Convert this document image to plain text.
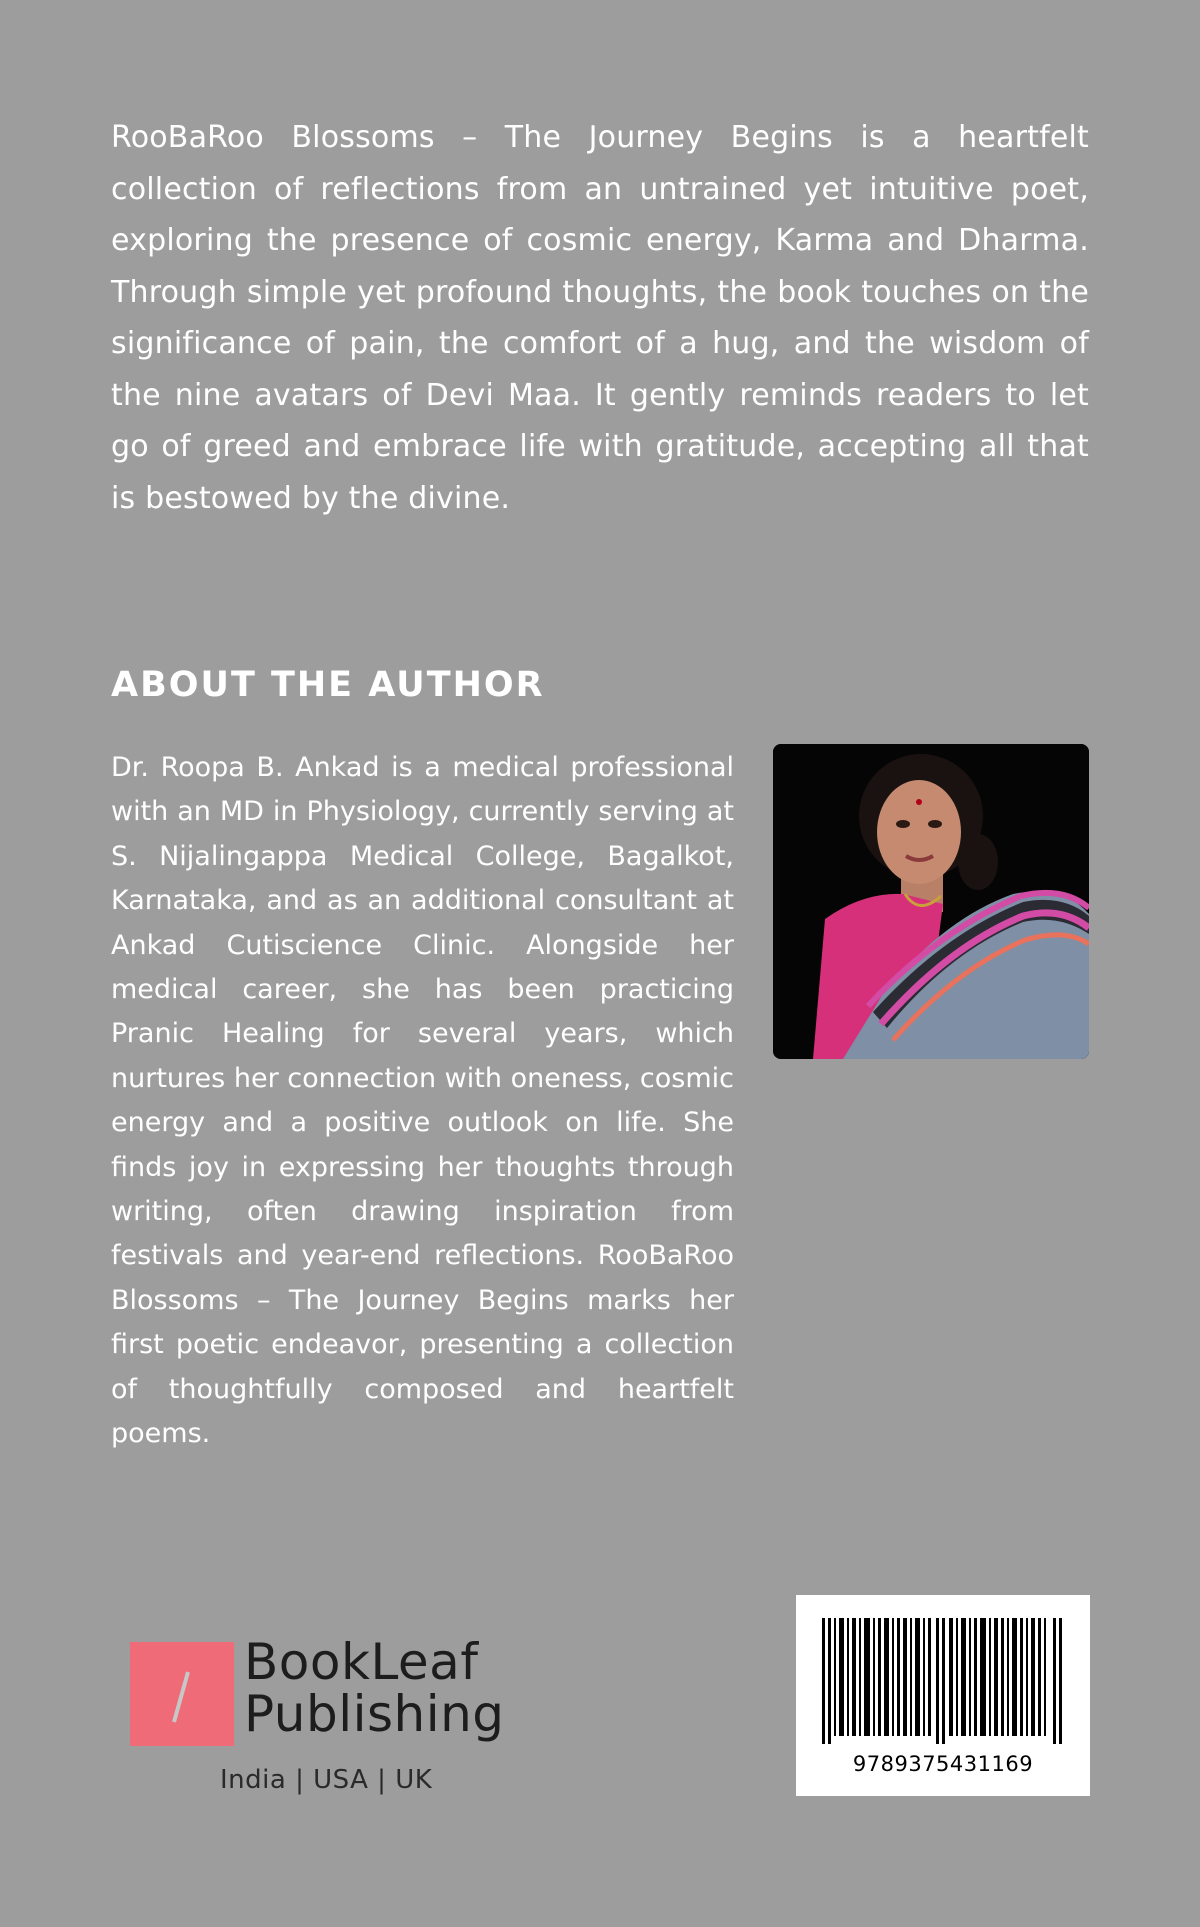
RooBaRoo Blossoms – The Journey Begins is a heartfelt collection of reflections from an untrained yet intuitive poet, exploring the presence of cosmic energy, Karma and Dharma. Through simple yet profound thoughts, the book touches on the significance of pain, the comfort of a hug, and the wisdom of the nine avatars of Devi Maa. It gently reminds readers to let go of greed and embrace life with gratitude, accepting all that is bestowed by the divine.

ABOUT THE AUTHOR

Dr. Roopa B. Ankad is a medical professional with an MD in Physiology, currently serving at S. Nijalingappa Medical College, Bagalkot, Karnataka, and as an additional consultant at Ankad Cutiscience Clinic. Alongside her medical career, she has been practicing Pranic Healing for several years, which nurtures her connection with oneness, cosmic energy and a positive outlook on life. She finds joy in expressing her thoughts through writing, often drawing inspiration from festivals and year-end reflections. RooBaRoo Blossoms – The Journey Begins marks her first poetic endeavor, presenting a collection of thoughtfully composed and heartfelt poems.

BookLeaf
Publishing
India | USA | UK
9789375431169
